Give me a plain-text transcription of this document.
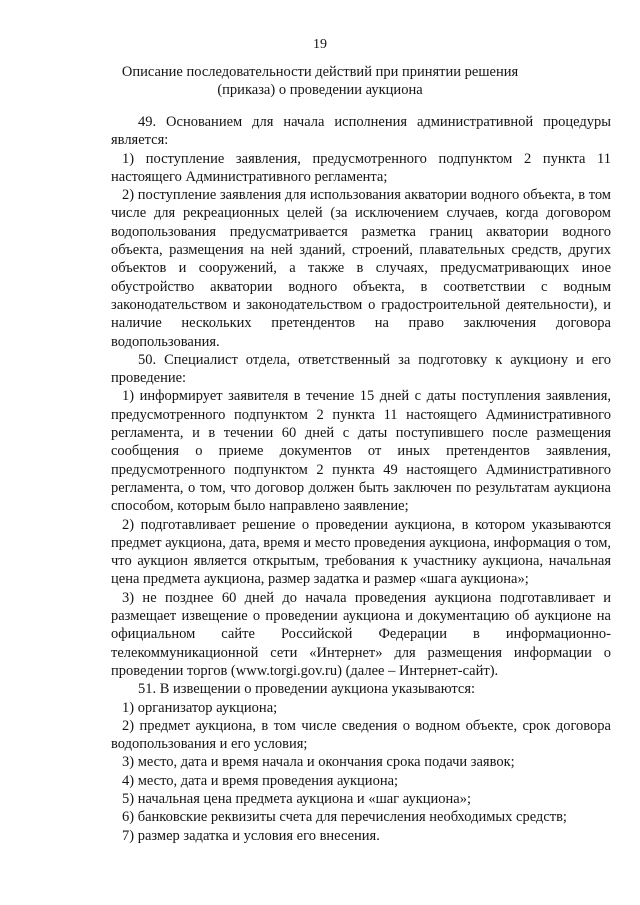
19
Описание последовательности действий при принятии решения
(приказа) о проведении аукциона

49. Основанием для начала исполнения административной процедуры является:

1) поступление заявления, предусмотренного подпунктом 2 пункта 11 настоящего Административного регламента;

2) поступление заявления для использования акватории водного объекта, в том числе для рекреационных целей (за исключением случаев, когда договором водопользования предусматривается разметка границ акватории водного объекта, размещения на ней зданий, строений, плавательных средств, других объектов и сооружений, а также в случаях, предусматривающих иное обустройство акватории водного объекта, в соответствии с водным законодательством и законодательством о градостроительной деятельности), и наличие нескольких претендентов на право заключения договора водопользования.

50. Специалист отдела, ответственный за подготовку к аукциону и его проведение:

1) информирует заявителя в течение 15 дней с даты поступления заявления, предусмотренного подпунктом 2 пункта 11 настоящего Административного регламента, и в течении 60 дней с даты поступившего после размещения сообщения о приеме документов от иных претендентов заявления, предусмотренного подпунктом 2 пункта 49 настоящего Административного регламента, о том, что договор должен быть заключен по результатам аукциона способом, которым было направлено заявление;

2) подготавливает решение о проведении аукциона, в котором указываются предмет аукциона, дата, время и место проведения аукциона, информация о том, что аукцион является открытым, требования к участнику аукциона, начальная цена предмета аукциона, размер задатка и размер «шага аукциона»;

3) не позднее 60 дней до начала проведения аукциона подготавливает и размещает извещение о проведении аукциона и документацию об аукционе на официальном сайте Российской Федерации в информационно-телекоммуникационной сети «Интернет» для размещения информации о проведении торгов (www.torgi.gov.ru) (далее – Интернет-сайт).

51. В извещении о проведении аукциона указываются:

1) организатор аукциона;

2) предмет аукциона, в том числе сведения о водном объекте, срок договора водопользования и его условия;

3) место, дата и время начала и окончания срока подачи заявок;

4) место, дата и время проведения аукциона;

5) начальная цена предмета аукциона и «шаг аукциона»;

6) банковские реквизиты счета для перечисления необходимых средств;

7) размер задатка и условия его внесения.
